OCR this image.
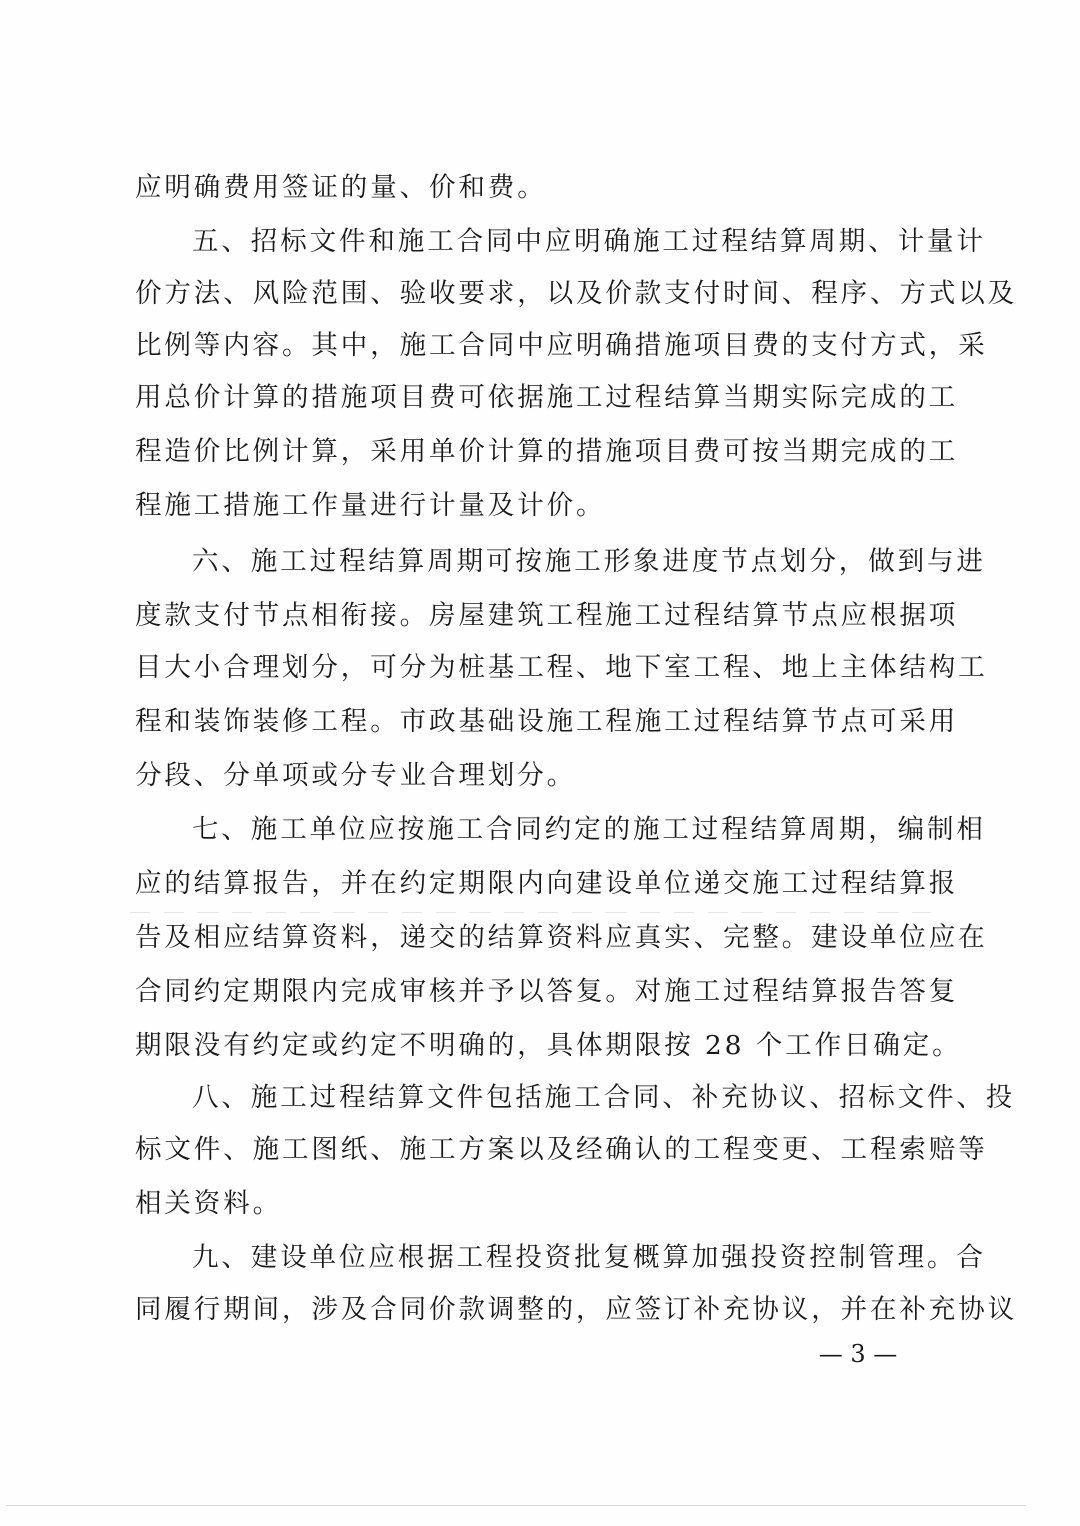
应明确费用签证的量、价和费。
五、招标文件和施工合同中应明确施工过程结算周期、计量计
价方法、风险范围、验收要求，以及价款支付时间、程序、方式以及
比例等内容。其中，施工合同中应明确措施项目费的支付方式，采
用总价计算的措施项目费可依据施工过程结算当期实际完成的工
程造价比例计算，采用单价计算的措施项目费可按当期完成的工
程施工措施工作量进行计量及计价。
六、施工过程结算周期可按施工形象进度节点划分，做到与进
度款支付节点相衔接。房屋建筑工程施工过程结算节点应根据项
目大小合理划分，可分为桩基工程、地下室工程、地上主体结构工
程和装饰装修工程。市政基础设施工程施工过程结算节点可采用
分段、分单项或分专业合理划分。
七、施工单位应按施工合同约定的施工过程结算周期，编制相
应的结算报告，并在约定期限内向建设单位递交施工过程结算报
告及相应结算资料，递交的结算资料应真实、完整。建设单位应在
合同约定期限内完成审核并予以答复。对施工过程结算报告答复
期限没有约定或约定不明确的，具体期限按 28 个工作日确定。
八、施工过程结算文件包括施工合同、补充协议、招标文件、投
标文件、施工图纸、施工方案以及经确认的工程变更、工程索赔等
相关资料。
九、建设单位应根据工程投资批复概算加强投资控制管理。合
同履行期间，涉及合同价款调整的，应签订补充协议，并在补充协议
— 3 —
